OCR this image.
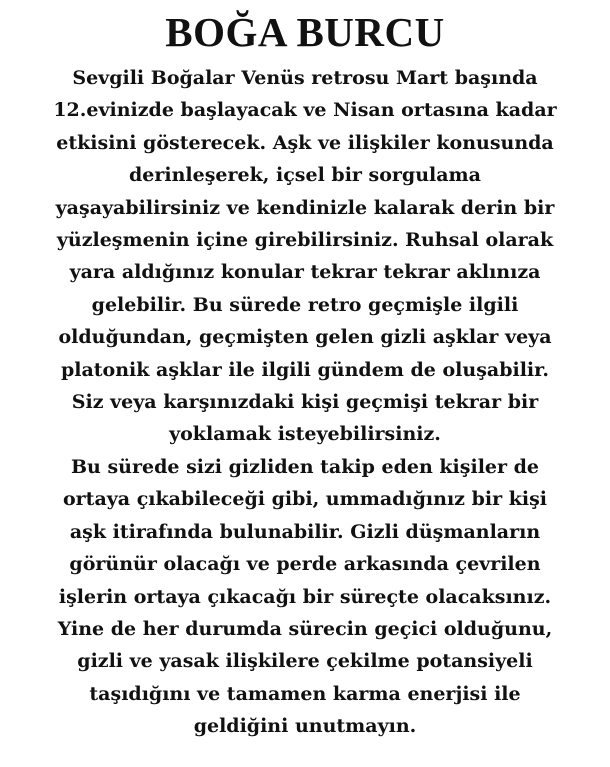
BOĞA BURCU
Sevgili Boğalar Venüs retrosu Mart başında
12.evinizde başlayacak ve Nisan ortasına kadar
etkisini gösterecek. Aşk ve ilişkiler konusunda
derinleşerek, içsel bir sorgulama
yaşayabilirsiniz ve kendinizle kalarak derin bir
yüzleşmenin içine girebilirsiniz. Ruhsal olarak
yara aldığınız konular tekrar tekrar aklınıza
gelebilir. Bu sürede retro geçmişle ilgili
olduğundan, geçmişten gelen gizli aşklar veya
platonik aşklar ile ilgili gündem de oluşabilir.
Siz veya karşınızdaki kişi geçmişi tekrar bir
yoklamak isteyebilirsiniz.
Bu sürede sizi gizliden takip eden kişiler de
ortaya çıkabileceği gibi, ummadığınız bir kişi
aşk itirafında bulunabilir. Gizli düşmanların
görünür olacağı ve perde arkasında çevrilen
işlerin ortaya çıkacağı bir süreçte olacaksınız.
Yine de her durumda sürecin geçici olduğunu,
gizli ve yasak ilişkilere çekilme potansiyeli
taşıdığını ve tamamen karma enerjisi ile
geldiğini unutmayın.
